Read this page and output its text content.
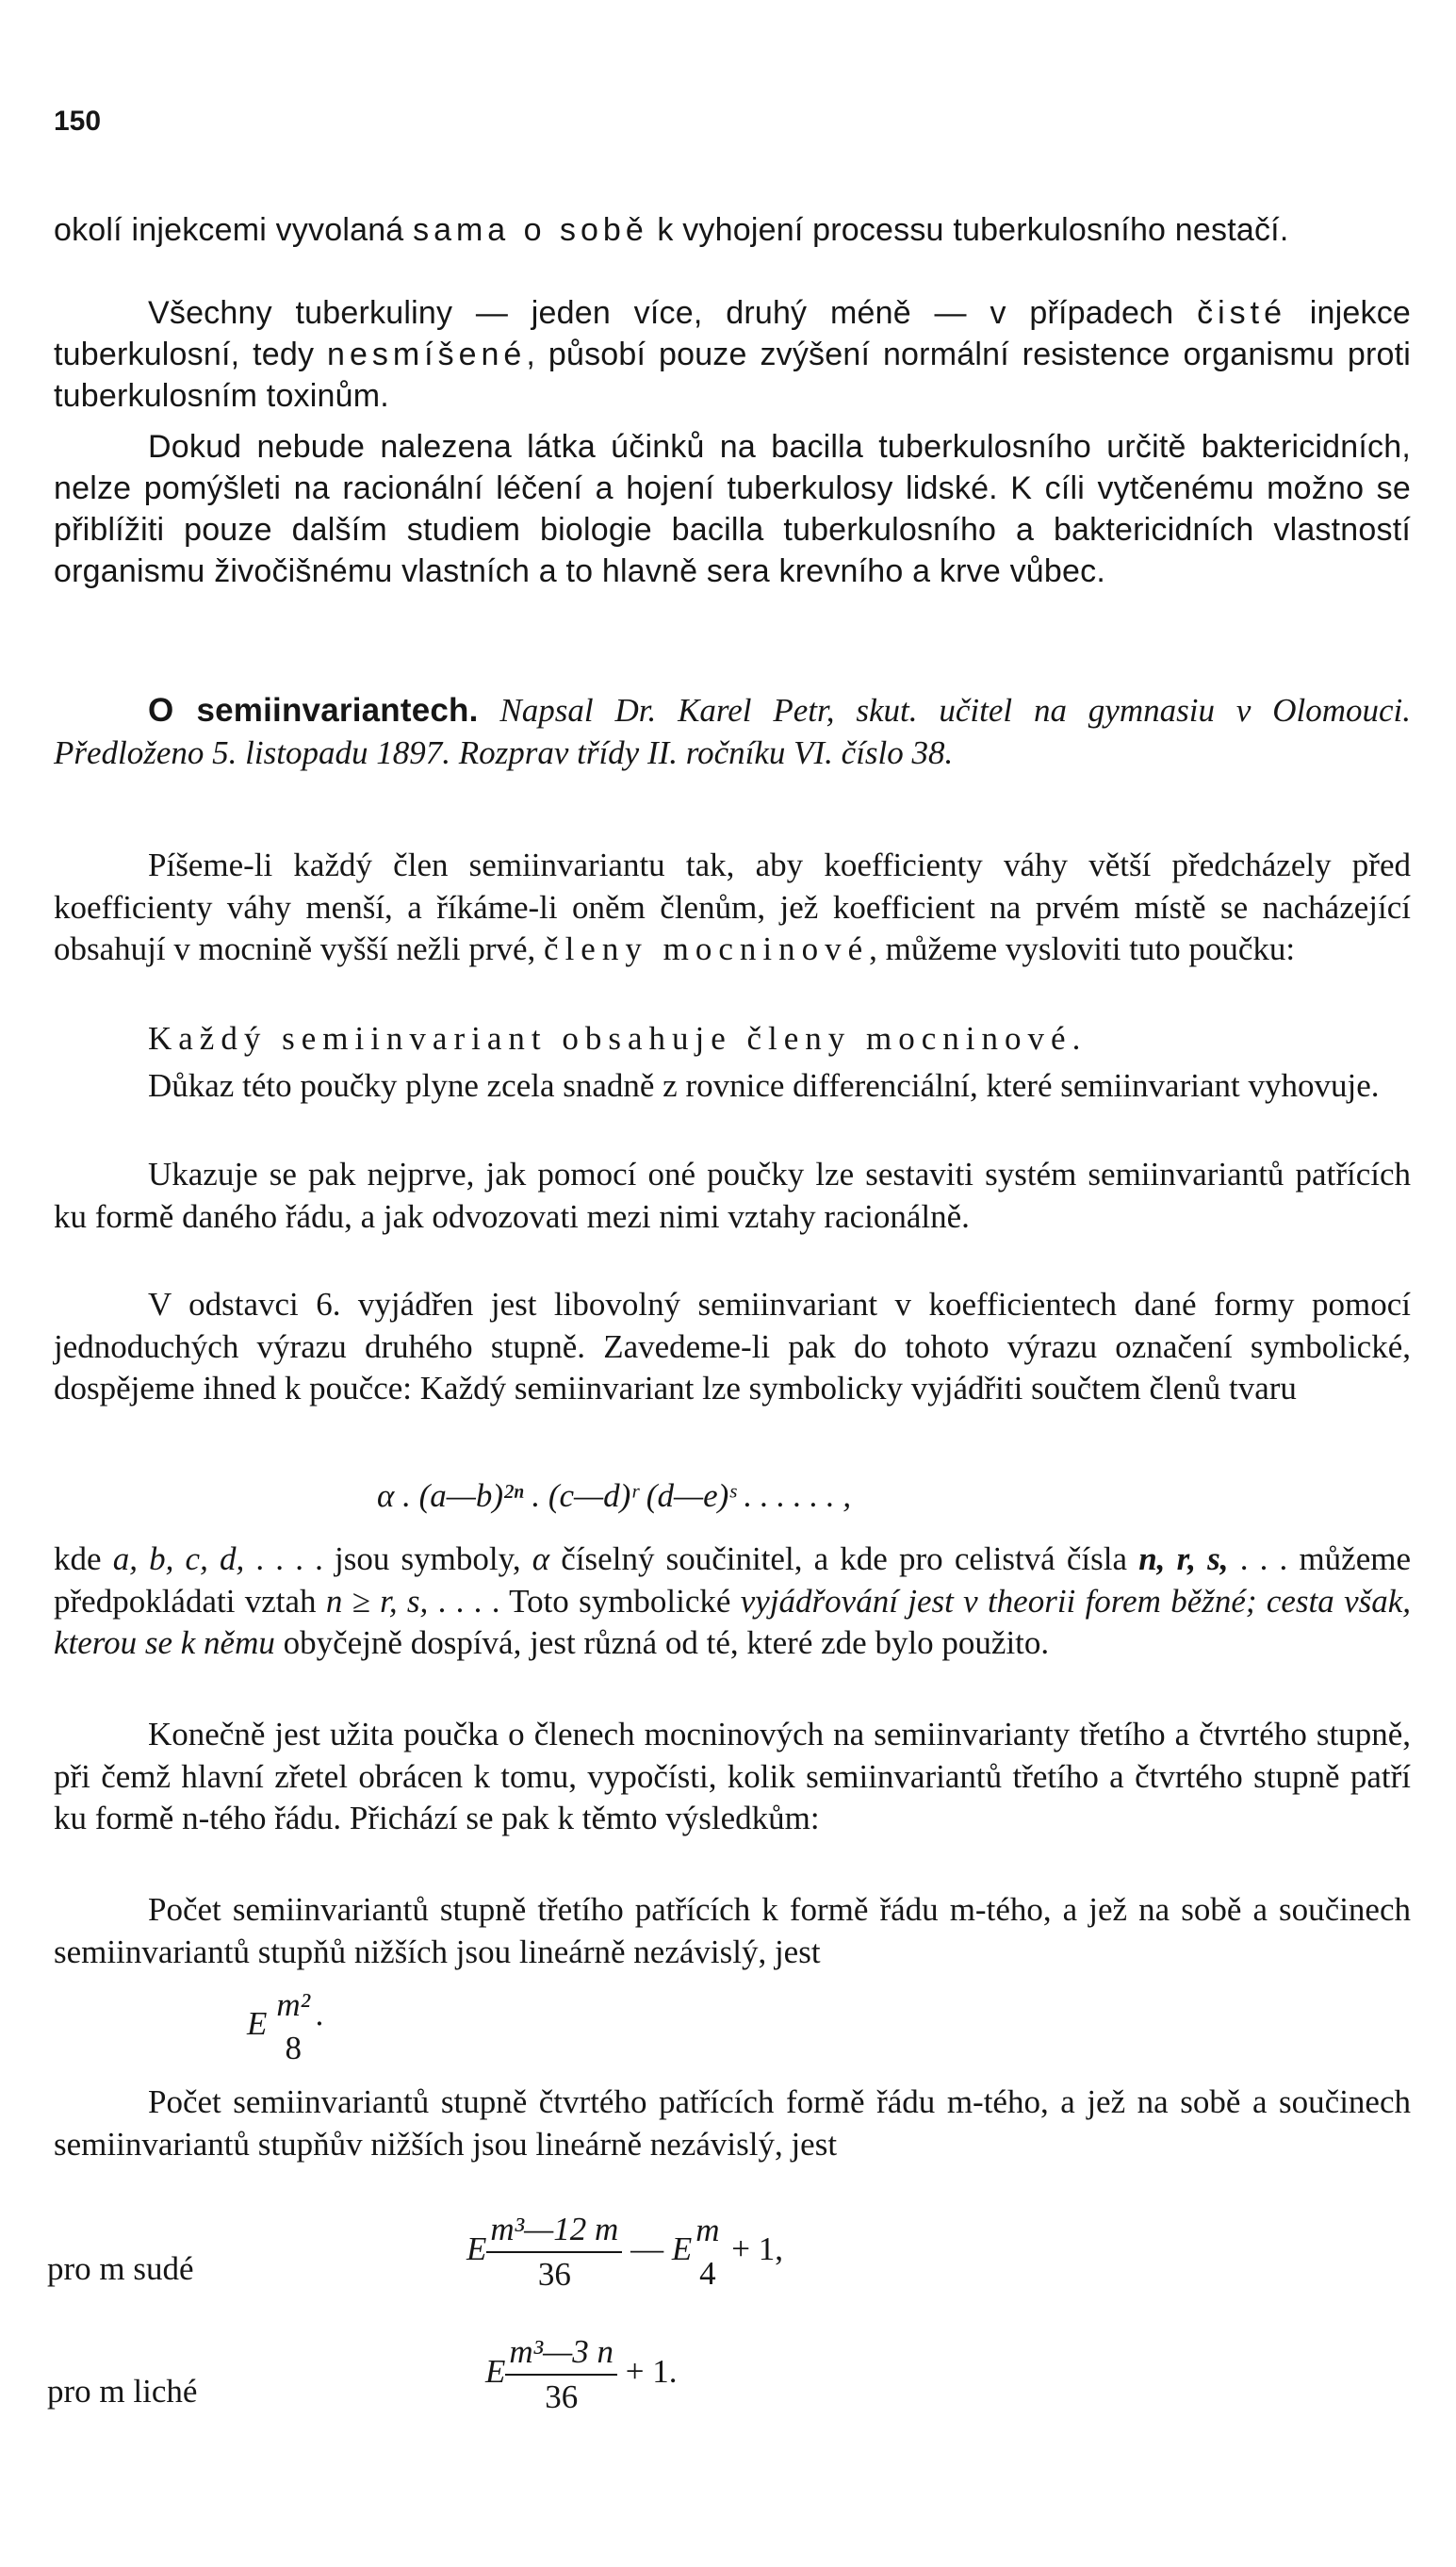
150

okolí injekcemi vyvolaná sama o sobě k vyhojení processu tuberkulosního nestačí.

Všechny tuberkuliny — jeden více, druhý méně — v případech čisté injekce tuberkulosní, tedy nesmíšené, působí pouze zvýšení normální resistence organismu proti tuberkulosním toxinům.

Dokud nebude nalezena látka účinků na bacilla tuberkulosního určitě baktericidních, nelze pomýšleti na racionální léčení a hojení tuberkulosy lidské. K cíli vytčenému možno se přiblížiti pouze dalším studiem biologie bacilla tuberkulosního a baktericidních vlastností organismu živočišnému vlastních a to hlavně sera krevního a krve vůbec.

O semiinvariantech. Napsal Dr. Karel Petr, skut. učitel na gymnasiu v Olomouci. Předloženo 5. listopadu 1897. Rozprav třídy II. ročníku VI. číslo 38.

Píšeme-li každý člen semiinvariantu tak, aby koefficienty váhy větší předcházely před koefficienty váhy menší, a říkáme-li oněm členům, jež koefficient na prvém místě se nacházející obsahují v mocnině vyšší nežli prvé, členy mocninové, můžeme vysloviti tuto poučku:

Každý semiinvariant obsahuje členy mocninové.

Důkaz této poučky plyne zcela snadně z rovnice differenciální, které semiinvariant vyhovuje.

Ukazuje se pak nejprve, jak pomocí oné poučky lze sestaviti systém semiinvariantů patřících ku formě daného řádu, a jak odvozovati mezi nimi vztahy racionálně.

V odstavci 6. vyjádřen jest libovolný semiinvariant v koefficientech dané formy pomocí jednoduchých výrazu druhého stupně. Zavedeme-li pak do tohoto výrazu označení symbolické, dospějeme ihned k poučce: Každý semiinvariant lze symbolicky vyjádřiti součtem členů tvaru

α . (a—b)²ⁿ . (c—d)ʳ (d—e)ˢ . . . . . . ,

kde a, b, c, d, . . . . jsou symboly, α číselný součinitel, a kde pro celistvá čísla n, r, s, . . . můžeme předpokládati vztah n ≥ r, s, . . . . Toto symbolické vyjádřování jest v theorii forem běžné; cesta však, kterou se k němu obyčejně dospívá, jest různá od té, které zde bylo použito.

Konečně jest užita poučka o členech mocninových na semiinvarianty třetího a čtvrtého stupně, při čemž hlavní zřetel obrácen k tomu, vypočísti, kolik semiinvariantů třetího a čtvrtého stupně patří ku formě n-tého řádu. Přichází se pak k těmto výsledkům:

Počet semiinvariantů stupně třetího patřících k formě řádu m-tého, a jež na sobě a součinech semiinvariantů stupňů nižších jsou lineárně nezávislý, jest

E
m²
8
·

Počet semiinvariantů stupně čtvrtého patřících formě řádu m-tého, a jež na sobě a součinech semiinvariantů stupňův nižších jsou lineárně nezávislý, jest

pro m sudé
E $\frac{\text{m³—12 m}}{36}$ — E
m
4
+ 1,
pro m liché
E $\frac{\text{m³—3 n}}{36} + 1$.
